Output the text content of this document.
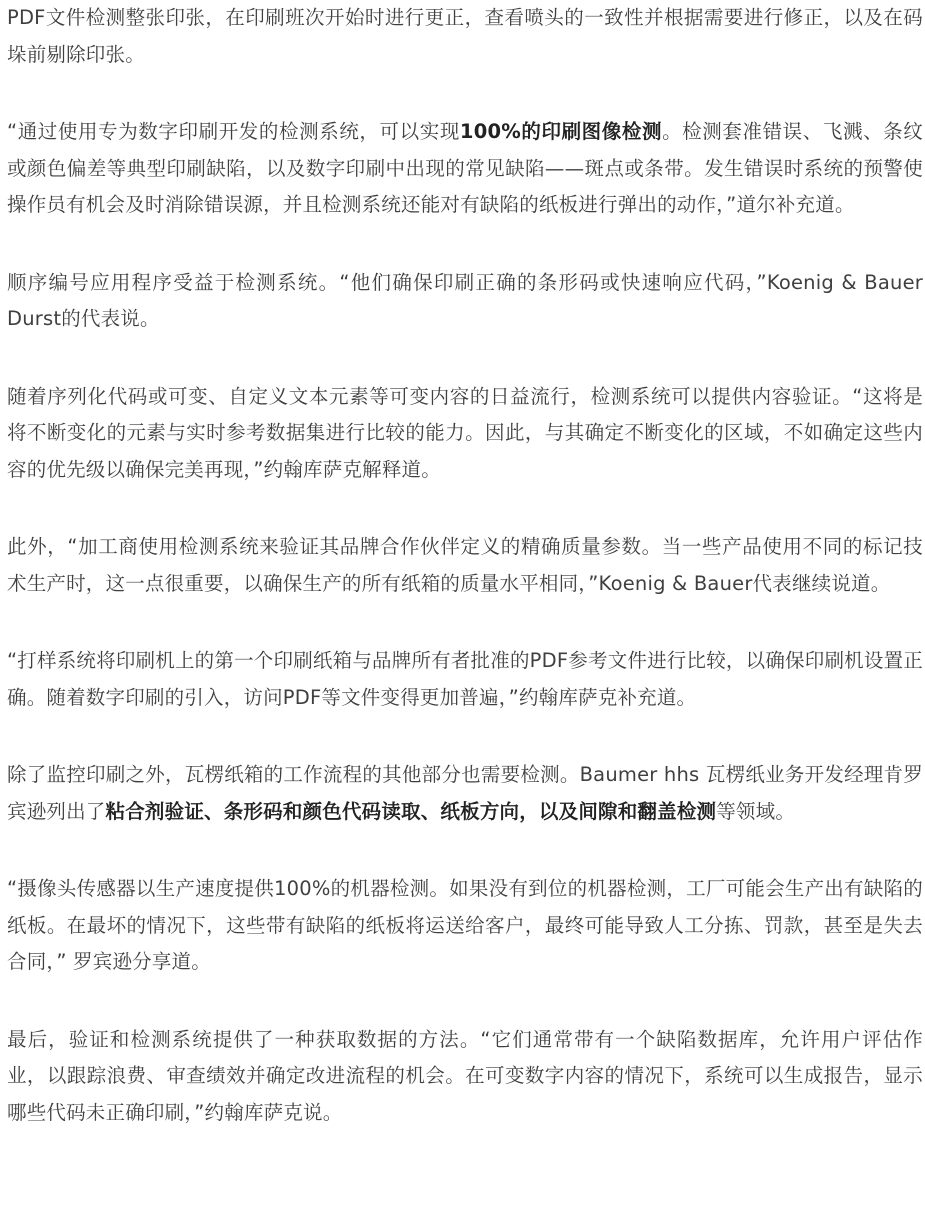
PDF文件检测整张印张，在印刷班次开始时进行更正，查看喷头的一致性并根据需要进行修正，以及在码垛前剔除印张。

“通过使用专为数字印刷开发的检测系统，可以实现100%的印刷图像检测。检测套准错误、飞溅、条纹或颜色偏差等典型印刷缺陷，以及数字印刷中出现的常见缺陷——斑点或条带。发生错误时系统的预警使操作员有机会及时消除错误源，并且检测系统还能对有缺陷的纸板进行弹出的动作，”道尔补充道。

顺序编号应用程序受益于检测系统。“他们确保印刷正确的条形码或快速响应代码，”Koenig & Bauer Durst的代表说。

随着序列化代码或可变、自定义文本元素等可变内容的日益流行，检测系统可以提供内容验证。“这将是将不断变化的元素与实时参考数据集进行比较的能力。因此，与其确定不断变化的区域，不如确定这些内容的优先级以确保完美再现，”约翰库萨克解释道。

此外，“加工商使用检测系统来验证其品牌合作伙伴定义的精确质量参数。当一些产品使用不同的标记技术生产时，这一点很重要，以确保生产的所有纸箱的质量水平相同，”Koenig & Bauer代表继续说道。

“打样系统将印刷机上的第一个印刷纸箱与品牌所有者批准的PDF参考文件进行比较，以确保印刷机设置正确。随着数字印刷的引入，访问PDF等文件变得更加普遍，”约翰库萨克补充道。

除了监控印刷之外，瓦楞纸箱的工作流程的其他部分也需要检测。Baumer hhs 瓦楞纸业务开发经理肯罗宾逊列出了粘合剂验证、条形码和颜色代码读取、纸板方向，以及间隙和翻盖检测等领域。

“摄像头传感器以生产速度提供100%的机器检测。如果没有到位的机器检测，工厂可能会生产出有缺陷的纸板。在最坏的情况下，这些带有缺陷的纸板将运送给客户，最终可能导致人工分拣、罚款，甚至是失去合同，” 罗宾逊分享道。

最后，验证和检测系统提供了一种获取数据的方法。“它们通常带有一个缺陷数据库，允许用户评估作业，以跟踪浪费、审查绩效并确定改进流程的机会。在可变数字内容的情况下，系统可以生成报告，显示哪些代码未正确印刷，”约翰库萨克说。
